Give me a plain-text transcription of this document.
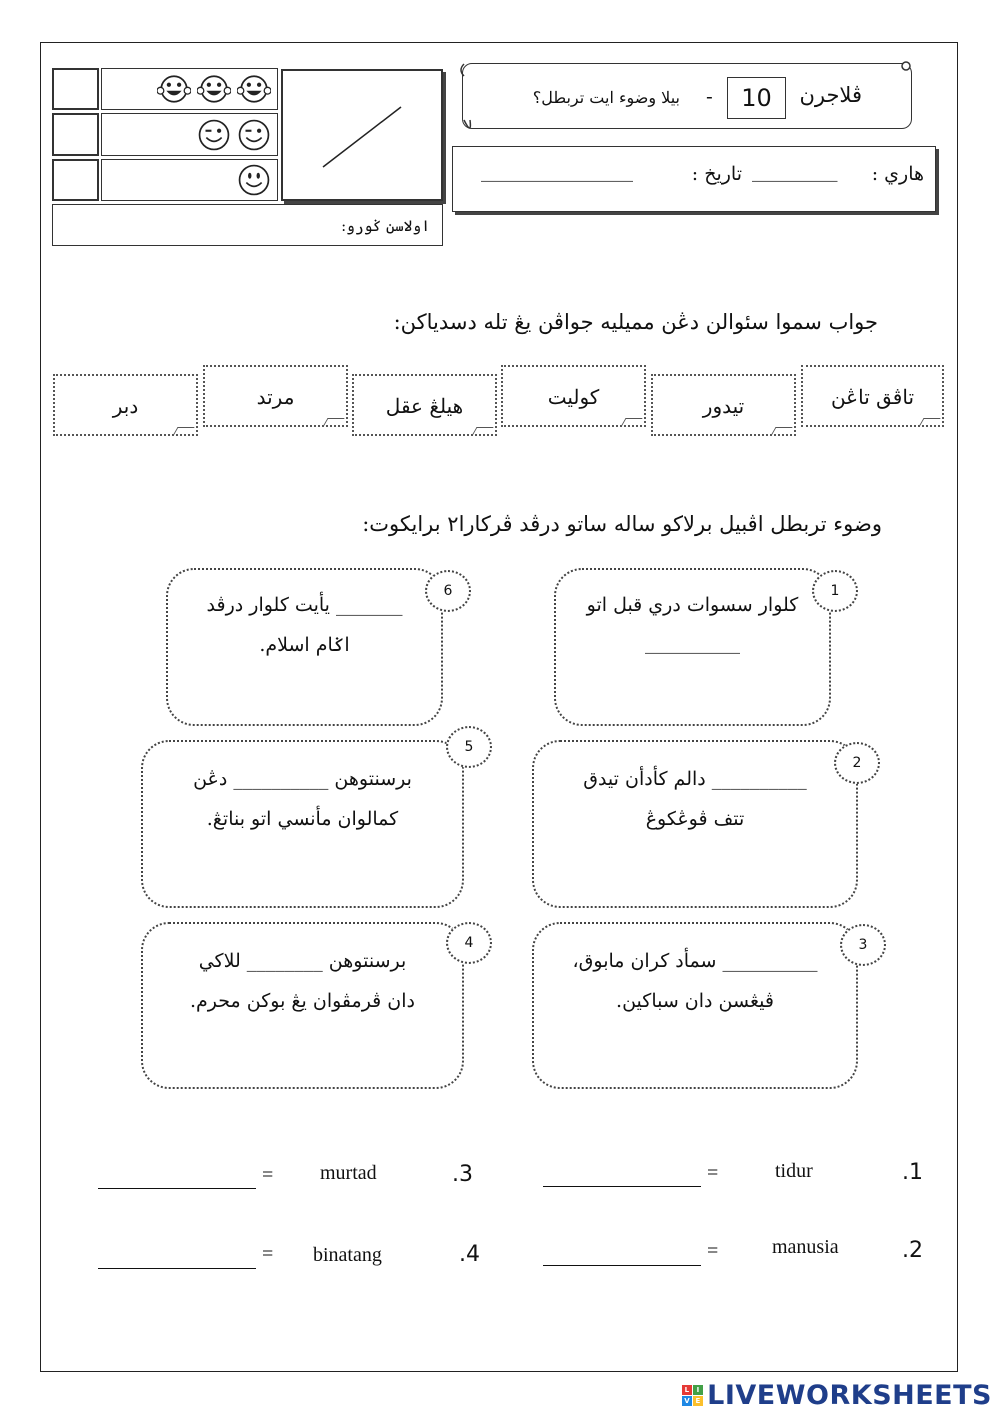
اولاسن ݢورو:
10	ڤلاجرن
-
بيلا وضوء ايت تربطل؟
هاري :
_________
تاريخ :
________________
جواب سموا سئوالن دڠن مميليه جواڤن يڠ تله دسدياکن:
تاڤق تاڠن
تيدور
كوليت
هيلڠ عقل
مرتد
دبر
وضوء تربطل اڤبيل برلاكو ساله ساتو درڤد ڤركارا٢ برايكوت:
كلوار سسوات دري قبل اتو
__________
1
__________ دالم كأدأن تيدق
تتف ڤوڠكوڠ
2
__________ سمأد كران مابوق،
ڤيڠسن دان سباکين.
3
برسنتوهن ________ للاکي
دان ڤرمڤوان يڠ بوكن محرم.
4
برسنتوهن __________ دڠن
كمالوان مأنسي اتو بناتڠ.
5
_______ يأيت كلوار درڤد
اݢام اسلام.
6
.1
tidur
=
.2
manusia
=
.3
murtad
=
.4
binatang
=
L I
V E LIVEWORKSHEETS
